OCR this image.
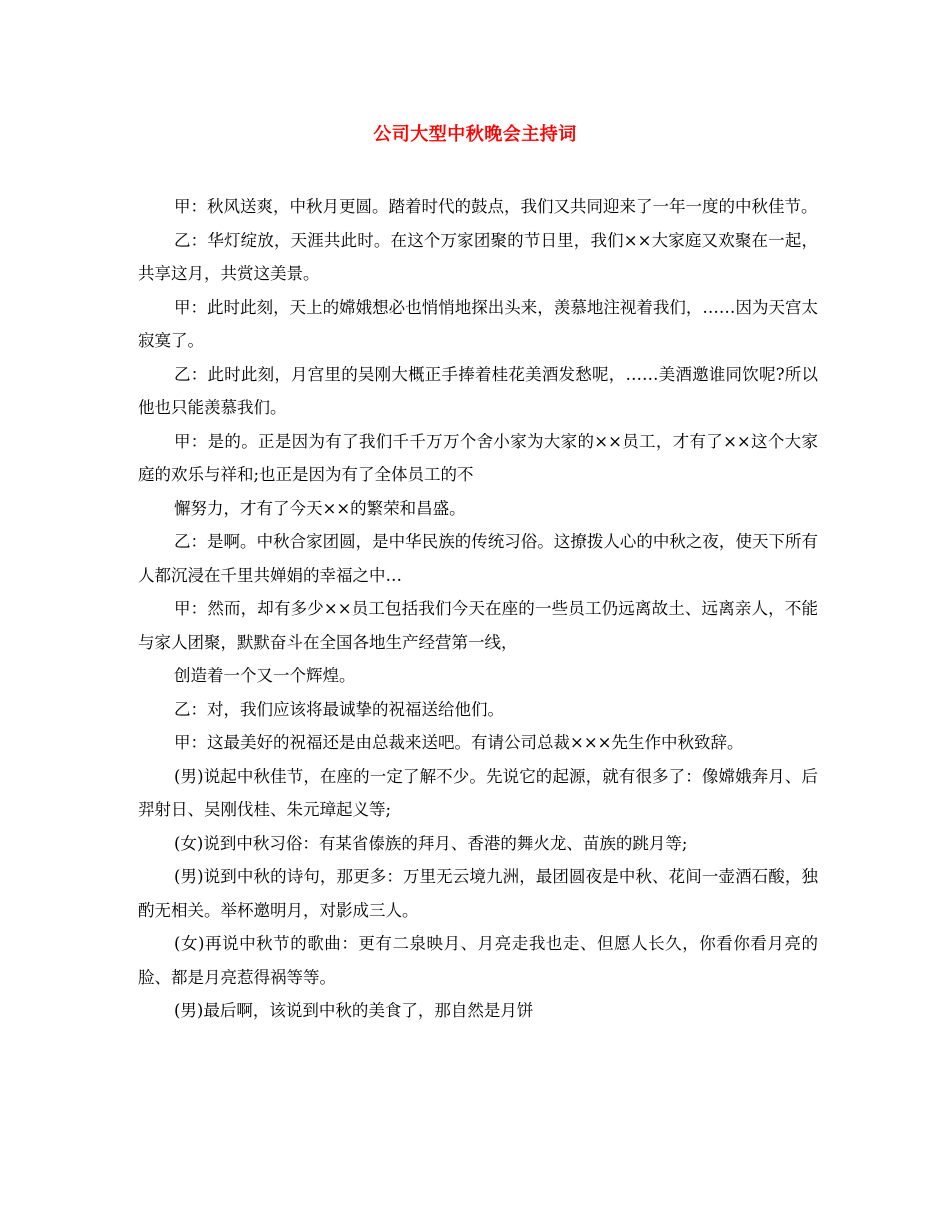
公司大型中秋晚会主持词

甲：秋风送爽，中秋月更圆。踏着时代的鼓点，我们又共同迎来了一年一度的中秋佳节。

乙：华灯绽放，天涯共此时。在这个万家团聚的节日里，我们××大家庭又欢聚在一起，共享这月，共赏这美景。

甲：此时此刻，天上的嫦娥想必也悄悄地探出头来，羡慕地注视着我们，……因为天宫太寂寞了。

乙：此时此刻，月宫里的吴刚大概正手捧着桂花美酒发愁呢，……美酒邀谁同饮呢?所以他也只能羡慕我们。

甲：是的。正是因为有了我们千千万万个舍小家为大家的××员工，才有了××这个大家庭的欢乐与祥和;也正是因为有了全体员工的不

懈努力，才有了今天××的繁荣和昌盛。

乙：是啊。中秋合家团圆，是中华民族的传统习俗。这撩拨人心的中秋之夜，使天下所有人都沉浸在千里共婵娟的幸福之中…

甲：然而，却有多少××员工包括我们今天在座的一些员工仍远离故土、远离亲人，不能与家人团聚，默默奋斗在全国各地生产经营第一线，

创造着一个又一个辉煌。

乙：对，我们应该将最诚挚的祝福送给他们。

甲：这最美好的祝福还是由总裁来送吧。有请公司总裁×××先生作中秋致辞。

(男)说起中秋佳节，在座的一定了解不少。先说它的起源，就有很多了：像嫦娥奔月、后羿射日、吴刚伐桂、朱元璋起义等;

(女)说到中秋习俗：有某省傣族的拜月、香港的舞火龙、苗族的跳月等;

(男)说到中秋的诗句，那更多：万里无云境九洲，最团圆夜是中秋、花间一壶酒石酸，独酌无相关。举杯邀明月，对影成三人。

(女)再说中秋节的歌曲：更有二泉映月、月亮走我也走、但愿人长久，你看你看月亮的脸、都是月亮惹得祸等等。

(男)最后啊，该说到中秋的美食了，那自然是月饼
